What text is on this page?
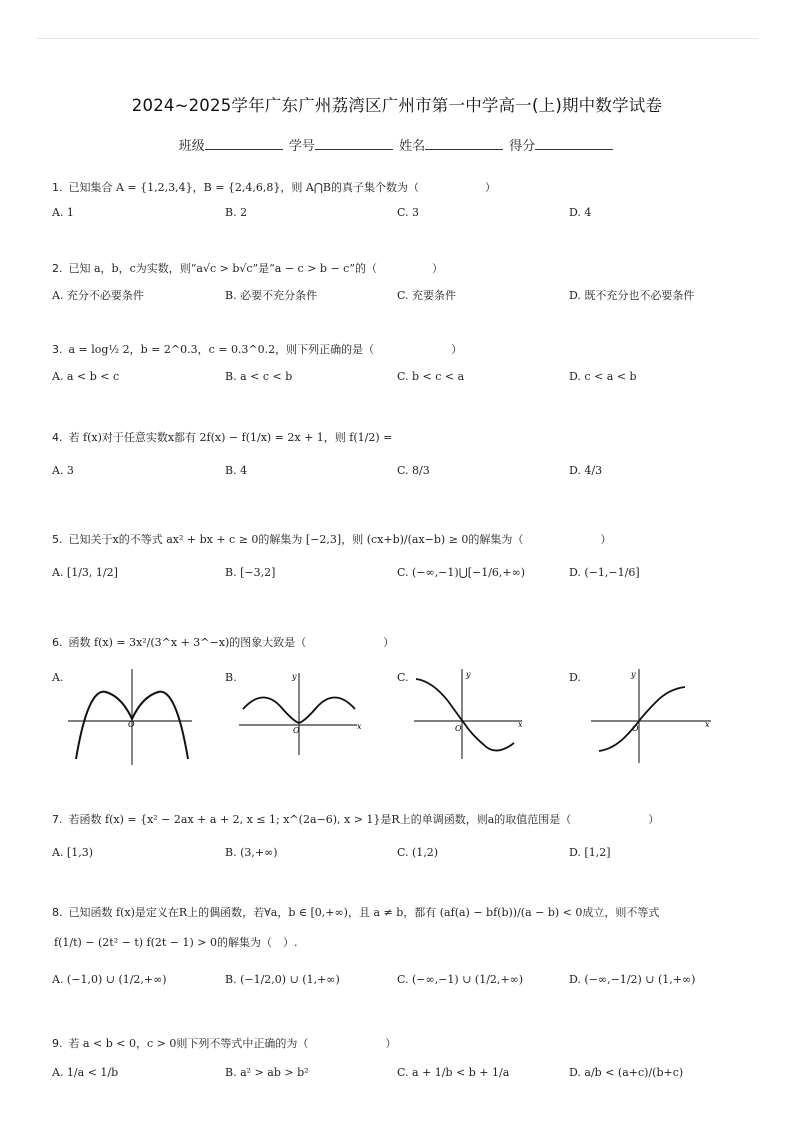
2024~2025学年广东广州荔湾区广州市第一中学高一(上)期中数学试卷
班级	学号	姓名	得分
1. 已知集合 A = {1,2,3,4}，B = {2,4,6,8}，则 A⋂B的真子集个数为（　　　　　　）
A. 1	B. 2	C. 3	D. 4
2. 已知 a，b，c为实数，则“a√c > b√c”是“a − c > b − c”的（　　　　　）
A. 充分不必要条件	B. 必要不充分条件	C. 充要条件	D. 既不充分也不必要条件
3. a = log½ 2，b = 2^0.3，c = 0.3^0.2，则下列正确的是（　　　　　　　）
A. a < b < c	B. a < c < b	C. b < c < a	D. c < a < b
4. 若 f(x)对于任意实数x都有 2f(x) − f(1/x) = 2x + 1，则 f(1/2) =
A. 3	B. 4	C. 8/3	D. 4/3
5. 已知关于x的不等式 ax² + bx + c ≥ 0的解集为 [−2,3]，则 (cx+b)/(ax−b) ≥ 0的解集为（　　　　　　　）
A. [1/3, 1/2]	B. [−3,2]	C. (−∞,−1)⋃[−1/6,+∞)	D. (−1,−1/6]
6. 函数 f(x) = 3x²/(3^x + 3^−x)的图象大致是（　　　　　　　）
A.	B.	C.	D.
O	x
y
O
x
y
O	x
y
O
7. 若函数 f(x) = {x² − 2ax + a + 2, x ≤ 1; x^(2a−6), x > 1}是R上的单调函数，则a的取值范围是（　　　　　　　）
A. [1,3)	B. (3,+∞)	C. (1,2)	D. [1,2]
8. 已知函数 f(x)是定义在R上的偶函数，若∀a，b ∈ [0,+∞)，且 a ≠ b，都有 (af(a) − bf(b))/(a − b) < 0成立，则不等式
f(1/t) − (2t² − t) f(2t − 1) > 0的解集为（　）.
A. (−1,0) ∪ (1/2,+∞)	B. (−1/2,0) ∪ (1,+∞)	C. (−∞,−1) ∪ (1/2,+∞)	D. (−∞,−1/2) ∪ (1,+∞)
9. 若 a < b < 0，c > 0则下列不等式中正确的为（　　　　　　　）
A. 1/a < 1/b	B. a² > ab > b²	C. a + 1/b < b + 1/a	D. a/b < (a+c)/(b+c)
